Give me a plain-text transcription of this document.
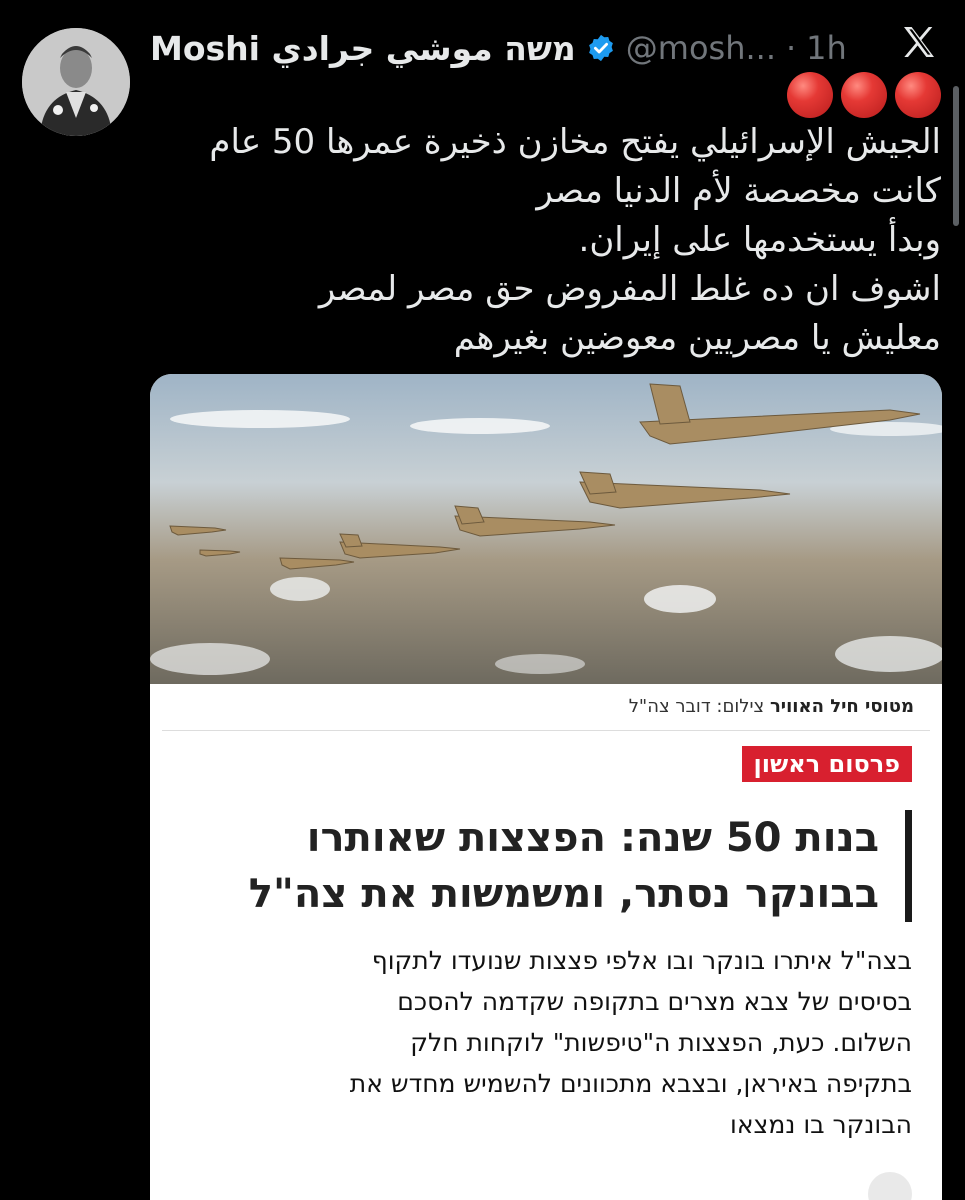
Moshi משה موشي جرادي @mosh... · 1h
الجيش الإسرائيلي يفتح مخازن ذخيرة عمرها 50 عام
كانت مخصصة لأم الدنيا مصر
وبدأ يستخدمها على إيران.
اشوف ان ده غلط المفروض حق مصر لمصر
معليش يا مصريين معوضين بغيرهم
מטוסי חיל האוויר צילום: דובר צה"ל
פרסום ראשון
בנות 50 שנה: הפצצות שאותרו
בבונקר נסתר, ומשמשות את צה"ל
בצה"ל איתרו בונקר ובו אלפי פצצות שנועדו לתקוף
בסיסים של צבא מצרים בתקופה שקדמה להסכם
השלום. כעת, הפצצות ה"טיפשות" לוקחות חלק
בתקיפה באיראן, ובצבא מתכוונים להשמיש מחדש את
הבונקר בו נמצאו
